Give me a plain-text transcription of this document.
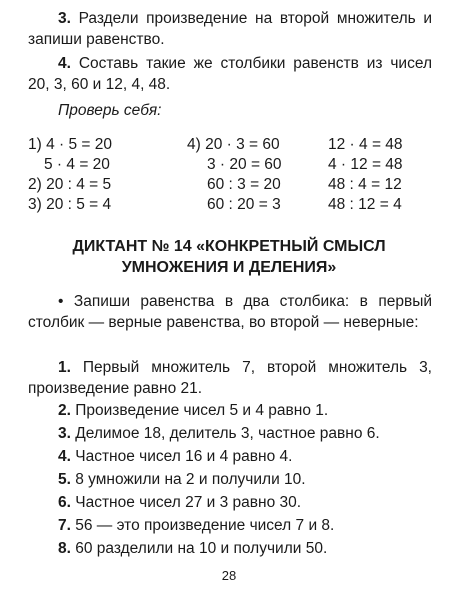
3. Раздели произведение на второй множитель и запиши равенство.

4. Составь такие же столбики равенств из чисел 20, 3, 60 и 12, 4, 48.

Проверь себя:

1) 4 · 5 = 20
5 · 4 = 20
2) 20 : 4 = 5
3) 20 : 5 = 4
4) 20 · 3 = 60
3 · 20 = 60
60 : 3 = 20
60 : 20 = 3
12 · 4 = 48
4 · 12 = 48
48 : 4 = 12
48 : 12 = 4

ДИКТАНТ № 14 «КОНКРЕТНЫЙ СМЫСЛ

УМНОЖЕНИЯ И ДЕЛЕНИЯ»

• Запиши равенства в два столбика: в первый столбик — верные равенства, во второй — неверные:

1. Первый множитель 7, второй множитель 3, произведение равно 21.

2. Произведение чисел 5 и 4 равно 1.

3. Делимое 18, делитель 3, частное равно 6.

4. Частное чисел 16 и 4 равно 4.

5. 8 умножили на 2 и получили 10.

6. Частное чисел 27 и 3 равно 30.

7. 56 — это произведение чисел 7 и 8.

8. 60 разделили на 10 и получили 50.

28
